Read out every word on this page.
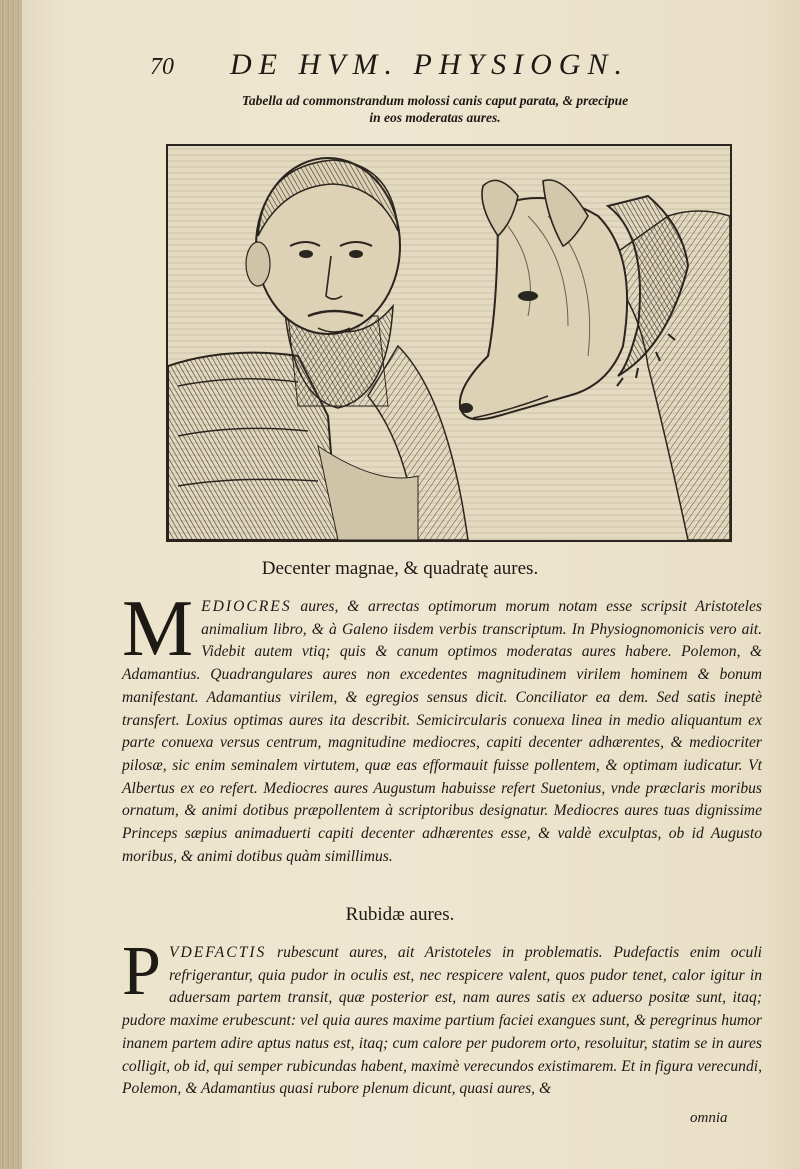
70 DE HVM. PHYSIOGN.
Tabella ad commonstrandum molossi canis caput parata, & præcipue
in eos moderatas aures.
Decenter magnae, & quadratę aures.
MEDIOCRES aures, & arrectas optimorum morum notam esse scripsit Aristoteles animalium libro, & à Galeno iisdem verbis transcriptum. In Physiognomonicis vero ait. Videbit autem vtiq; quis & canum optimos moderatas aures habere. Polemon, & Adamantius. Quadrangulares aures non excedentes magnitudinem virilem hominem & bonum manifestant. Adamantius virilem, & egregios sensus dicit. Conciliator ea dem. Sed satis ineptè transfert. Loxius optimas aures ita describit. Semicircularis conuexa linea in medio aliquantum ex parte conuexa versus centrum, magnitudine mediocres, capiti decenter adhærentes, & mediocriter pilosæ, sic enim seminalem virtutem, quæ eas efformauit fuisse pollentem, & optimam iudicatur. Vt Albertus ex eo refert. Mediocres aures Augustum habuisse refert Suetonius, vnde præclaris moribus ornatum, & animi dotibus præpollentem à scriptoribus designatur. Mediocres aures tuas dignissime Princeps sæpius animaduerti capiti decenter adhærentes esse, & valdè exculptas, ob id Augusto moribus, & animi dotibus quàm simillimus.
Rubidæ aures.
PVDEFACTIS rubescunt aures, ait Aristoteles in problematis. Pudefactis enim oculi refrigerantur, quia pudor in oculis est, nec respicere valent, quos pudor tenet, calor igitur in aduersam partem transit, quæ posterior est, nam aures satis ex aduerso positæ sunt, itaq; pudore maxime erubescunt: vel quia aures maxime partium faciei exangues sunt, & peregrinus humor inanem partem adire aptus natus est, itaq; cum calore per pudorem orto, resoluitur, statim se in aures colligit, ob id, qui semper rubicundas habent, maximè verecundos existimarem. Et in figura verecundi, Polemon, & Adamantius quasi rubore plenum dicunt, quasi aures, &
omnia
